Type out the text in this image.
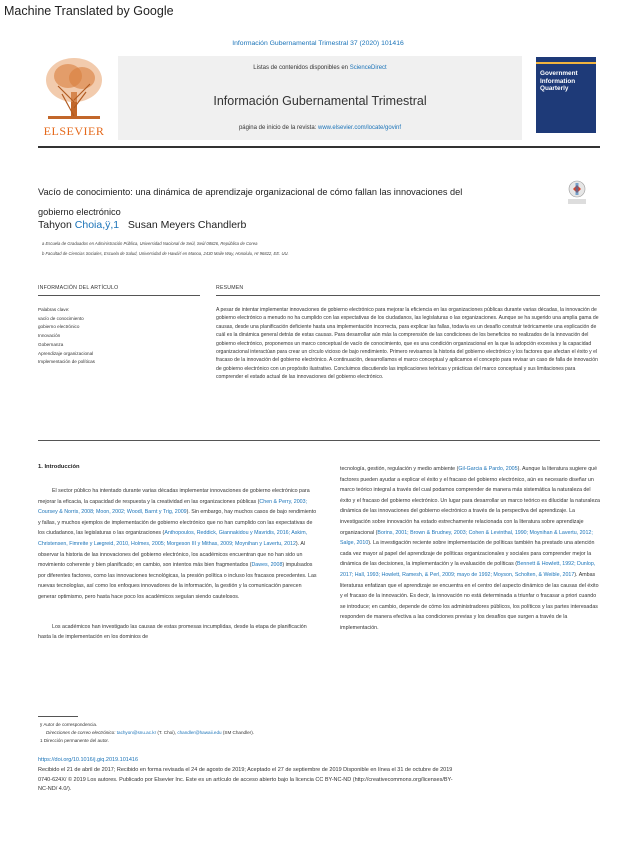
Machine Translated by Google
Información Gubernamental Trimestral 37 (2020) 101416
ELSEVIER
Listas de contenidos disponibles en ScienceDirect
Información Gubernamental Trimestral
página de inicio de la revista: www.elsevier.com/locate/govinf
Government Information Quarterly
Vacío de conocimiento: una dinámica de aprendizaje organizacional de cómo fallan las innovaciones del gobierno electrónico
Tahyon Choia,ÿ,1 Susan Meyers Chandlerb
a Escuela de Graduados en Administración Pública, Universidad Nacional de Seúl, Seúl 08826, República de Corea
b Facultad de Ciencias Sociales, Escuela de Salud, Universidad de Hawái'i en Manoa, 2430 Maile Way, Honolulu, HI 96822, EE. UU.
INFORMACIÓN DEL ARTÍCULO	RESUMEN
Palabras clave:
vacío de conocimiento
gobierno electrónico
Innovación
Gobernanza
Aprendizaje organizacional
Implementación de políticas
A pesar de intentar implementar innovaciones de gobierno electrónico para mejorar la eficiencia en las organizaciones públicas durante varias décadas, la innovación de gobierno electrónico a menudo no ha cumplido con las expectativas de los ciudadanos, las legislaturas o las organizaciones. Aunque se ha sugerido una amplia gama de causas, desde una planificación deficiente hasta una implementación incorrecta, para explicar las fallas, todavía es un desafío construir teóricamente una explicación de cuál es la dinámica general detrás de estas causas. Para desarrollar aún más la comprensión de las condiciones de los beneficios no realizados de la innovación del gobierno electrónico, proponemos un marco conceptual de vacío de conocimiento, que es una condición organizacional en la que la adopción excesiva y la capacidad organizacional interactúan para crear un círculo vicioso de bajo rendimiento. Primero revisamos la historia del gobierno electrónico y los factores que afectan el éxito y el fracaso de la innovación del gobierno electrónico. A continuación, desarrollamos el marco conceptual y aplicamos el concepto para revisar un caso de falla de innovación de gobierno electrónico con un propósito ilustrativo. Concluimos discutiendo las implicaciones teóricas y prácticas del marco conceptual y sus limitaciones para comprender el estado actual de las innovaciones del gobierno electrónico.
1. Introducción

El sector público ha intentado durante varias décadas implementar innovaciones de gobierno electrónico para mejorar la eficacia, la capacidad de respuesta y la creatividad en las organizaciones públicas (Chen & Perry, 2003; Coursey & Norris, 2008; Moon, 2002; Woodl, Barnt y Trig, 2009). Sin embargo, hay muchos casos de bajo rendimiento y fallas, y muchos ejemplos de implementación de gobierno electrónico que no han cumplido con las expectativas de los ciudadanos, las legislaturas o las organizaciones (Anthopoulos, Reddick, Giannakidou y Mavridis, 2016; Askim, Christensen, Fimreite y Lægreid, 2010, Holmes, 2005; Morgeson III y Mithas, 2009; Moynihan y Lavertu, 2012). Al observar la historia de las innovaciones del gobierno electrónico, los académicos encuentran que no han sido un movimiento coherente y bien planificado; en cambio, son intentos más bien fragmentados (Dawes, 2008) impulsados por diferentes factores, como las innovaciones tecnológicas, la presión política o incluso los fracasos precedentes. Las nuevas tecnologías, así como los enfoques innovadores de la información, la gestión y la comunicación parecen generar optimismo, pero hasta hace poco los académicos seguían siendo cautelosos.

Los académicos han investigado las causas de estas promesas incumplidas, desde la etapa de planificación hasta la de implementación en los dominios de

tecnología, gestión, regulación y medio ambiente (Gil-Garcia & Pardo, 2005). Aunque la literatura sugiere qué factores pueden ayudar a explicar el éxito y el fracaso del gobierno electrónico, aún es necesario diseñar un marco teórico integral a través del cual podamos comprender de manera más sistemática la naturaleza del éxito y el fracaso del gobierno electrónico. Un lugar para desarrollar un marco teórico es dilucidar la naturaleza dinámica de las innovaciones del gobierno electrónico a través de la perspectiva del aprendizaje. La investigación sobre innovación ha estado estrechamente relacionada con la literatura sobre aprendizaje organizacional (Borins, 2001; Brown & Brudney, 2003; Cohen & Levinthal, 1990; Moynihan & Lavertu, 2012; Salge, 2010). La investigación reciente sobre implementación de políticas también ha prestado una atención cada vez mayor al papel del aprendizaje de políticas organizacionales y sociales para comprender mejor la dinámica de las decisiones, la implementación y la evaluación de políticas (Bennett & Howlett, 1992; Dunlop, 2017; Hall, 1993; Howlett, Ramesh, & Perl, 2009; mayo de 1992; Moyson, Scholten, & Weible, 2017). Ambas literaturas enfatizan que el aprendizaje se encuentra en el centro del aspecto dinámico de las causas del éxito y el fracaso de la innovación. Es decir, la innovación no está determinada a triunfar o fracasar a priori cuando se introduce; en cambio, depende de cómo los administradores públicos, los políticos y las partes interesadas responden de manera efectiva a las condiciones previas y los desafíos que surgen a través de la implementación.

ÿ Autor de correspondencia.
Direcciones de correo electrónico: tachyon@snu.ac.kr (T. Choi), chandler@hawaii.edu (SM Chandler).
1 Dirección permanente del autor.
https://doi.org/10.1016/j.giq.2019.101416
Recibido el 21 de abril de 2017; Recibido en forma revisada el 24 de agosto de 2019; Aceptado el 27 de septiembre de 2019 Disponible en línea el 31 de octubre de 2019 0740-624X/ © 2019 Los autores. Publicado por Elsevier Inc. Este es un artículo de acceso abierto bajo la licencia CC BY-NC-ND (http://creativecommons.org/licenses/BY-NC-ND/ 4.0/).
